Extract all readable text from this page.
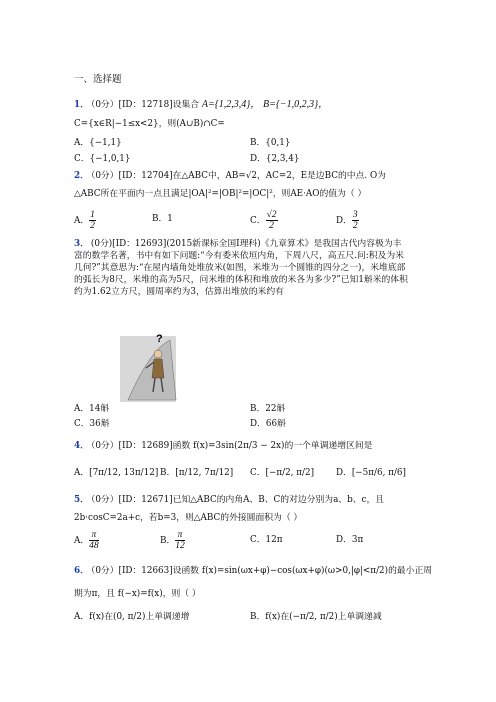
一、选择题
1． （0分）[ID：12718]设集合 A={1,2,3,4}， B={−1,0,2,3}，
C={x∈R|−1≤x<2}，则(A∪B)∩C=
A．{−1,1}	B．{0,1}
C．{−1,0,1}	D．{2,3,4}
2． （0分）[ID：12704]在△ABC中，AB=√2，AC=2，E是边BC的中点. O为
△ABC所在平面内一点且满足|OA|²=|OB|²=|OC|²，则AE·AO的值为（ ）
A． $\frac{1}{2}$	B．1	C． $\frac{√2}{2}$	D． $\frac{3}{2}$
3． (0分)[ID：12693](2015新课标全国Ⅰ理科)《九章算术》是我国古代内容极为丰富的数学名著，书中有如下问题:“今有委米依垣内角，下周八尺，高五尺.问:积及为米几何?”其意思为:“在屋内墙角处堆放米(如图，米堆为一个圆锥的四分之一)，米堆底部的弧长为8尺，米堆的高为5尺，问米堆的体积和堆放的米各为多少?”已知1斛米的体积约为1.62立方尺，圆周率约为3，估算出堆放的米约有
?
A．14斛	B．22斛
C．36斛	D．66斛
4． （0分）[ID：12689]函数 f(x)=3sin(2π/3 − 2x)的一个单调递增区间是
A．[7π/12, 13π/12] B．[π/12, 7π/12] C．[−π/2, π/2] D．[−5π/6, π/6]
5． （0分）[ID：12671]已知△ABC的内角A、B、C的对边分别为a、b、c，且
2b·cosC=2a+c，若b=3，则△ABC的外接圆面积为（ ）
A． $\frac{\pi}{48}$	B． $\frac{\pi}{12}$	C．12π	D．3π
6． （0分）[ID：12663]设函数 f(x)=sin(ωx+φ)−cos(ωx+φ)(ω>0,|φ|<π/2)的最小正周
期为π，且 f(−x)=f(x)，则（ ）
A．f(x)在(0, π/2)上单调递增	B．f(x)在(−π/2, π/2)上单调递减
